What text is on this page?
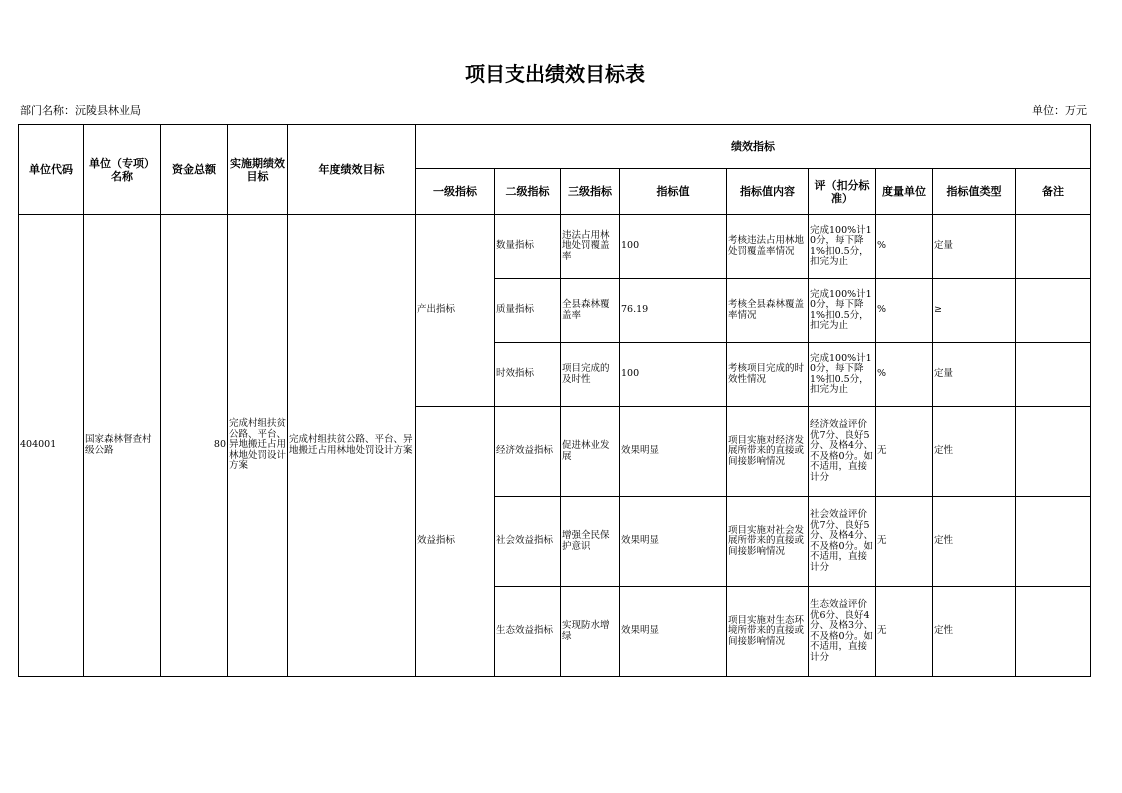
项目支出绩效目标表
部门名称：沅陵县林业局	单位：万元
单位代码	单位（专项）名称	资金总额	实施期绩效目标	年度绩效目标	绩效指标								
					一级指标	二级指标	三级指标	指标值	指标值内容	评（扣分标准）	度量单位	指标值类型	备注
404001	国家森林督查村级公路	80	完成村组扶贫公路、平台、异地搬迁占用林地处罚设计方案	完成村组扶贫公路、平台、异地搬迁占用林地处罚设计方案	产出指标	数量指标	违法占用林地处罚覆盖率	100	考核违法占用林地处罚覆盖率情况	完成100%计10分，每下降1%扣0.5分，扣完为止	%	定量	
						质量指标	全县森林覆盖率	76.19	考核全县森林覆盖率情况	完成100%计10分，每下降1%扣0.5分，扣完为止	%	≥	
						时效指标	项目完成的及时性	100	考核项目完成的时效性情况	完成100%计10分，每下降1%扣0.5分，扣完为止	%	定量	
					效益指标	经济效益指标	促进林业发展	效果明显	项目实施对经济发展所带来的直接或间接影响情况	经济效益评价优7分、良好5分、及格4分、不及格0分。如不适用，直接计分	无	定性	
						社会效益指标	增强全民保护意识	效果明显	项目实施对社会发展所带来的直接或间接影响情况	社会效益评价优7分、良好5分、及格4分、不及格0分。如不适用，直接计分	无	定性	
						生态效益指标	实现防水增绿	效果明显	项目实施对生态环境所带来的直接或间接影响情况	生态效益评价优6分、良好4分、及格3分、不及格0分。如不适用，直接计分	无	定性	
